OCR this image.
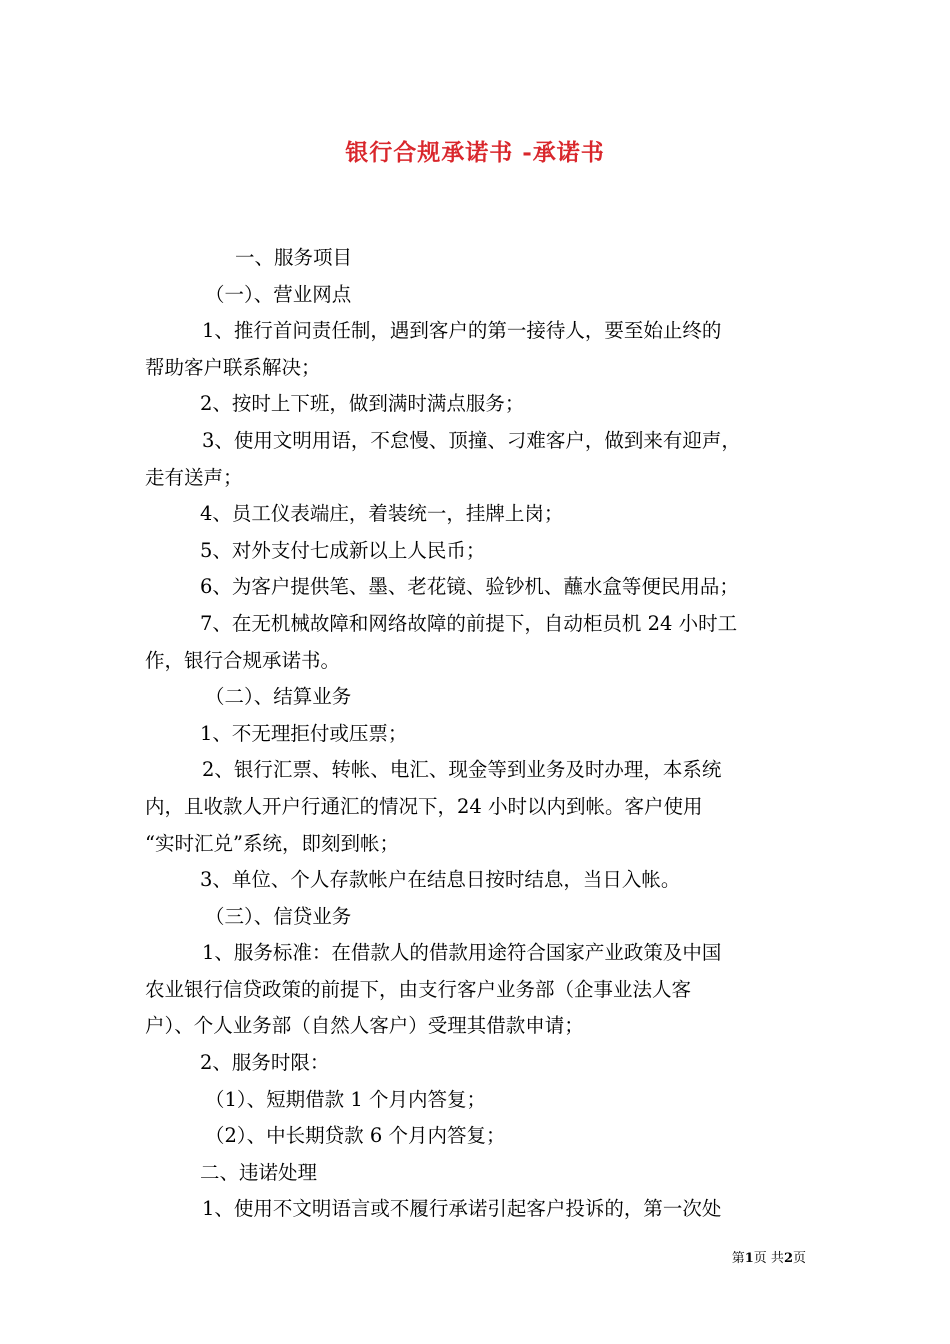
银行合规承诺书 -承诺书
一、服务项目
（一）、营业网点
1、推行首问责任制，遇到客户的第一接待人，要至始止终的
帮助客户联系解决；
2、按时上下班，做到满时满点服务；
3、使用文明用语，不怠慢、顶撞、刁难客户，做到来有迎声，
走有送声；
4、员工仪表端庄，着装统一，挂牌上岗；
5、对外支付七成新以上人民币；
6、为客户提供笔、墨、老花镜、验钞机、蘸水盒等便民用品；
7、在无机械故障和网络故障的前提下，自动柜员机 24 小时工
作，银行合规承诺书。
（二）、结算业务
1、不无理拒付或压票；
2、银行汇票、转帐、电汇、现金等到业务及时办理，本系统
内，且收款人开户行通汇的情况下，24 小时以内到帐。客户使用
“实时汇兑”系统，即刻到帐；
3、单位、个人存款帐户在结息日按时结息，当日入帐。
（三）、信贷业务
1、服务标准：在借款人的借款用途符合国家产业政策及中国
农业银行信贷政策的前提下，由支行客户业务部（企事业法人客
户）、个人业务部（自然人客户）受理其借款申请；
2、服务时限：
（1）、短期借款 1 个月内答复；
（2）、中长期贷款 6 个月内答复；
二、违诺处理
1、使用不文明语言或不履行承诺引起客户投诉的，第一次处
第1页 共2页
